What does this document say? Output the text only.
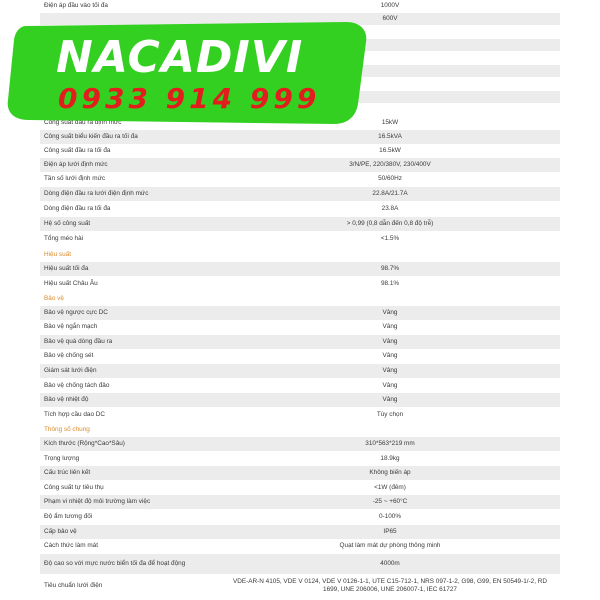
Điện áp đầu vào tối đa	1000V
600V
Công suất đầu ra định mức	15kW
Công suất biểu kiến đầu ra tối đa	16.5kVA
Công suất đầu ra tối đa	16.5kW
Điện áp lưới định mức	3/N/PE, 220/380V, 230/400V
Tần số lưới định mức	50/60Hz
Dòng điện đầu ra lưới điện định mức	22.8A/21.7A
Dòng điện đầu ra tối đa	23.8A
Hệ số công suất	> 0,99 (0,8 dẫn đến 0,8 độ trễ)
Tổng méo hài	<1.5%
Hiệu suất
Hiệu suất tối đa	98.7%
Hiệu suất Châu Âu	98.1%
Bảo vệ
Bảo vệ ngược cực DC	Vâng
Bảo vệ ngắn mạch	Vâng
Bảo vệ quá dòng đầu ra	Vâng
Bảo vệ chống sét	Vâng
Giám sát lưới điện	Vâng
Bảo vệ chống tách đảo	Vâng
Bảo vệ nhiệt độ	Vâng
Tích hợp cầu dao DC	Tùy chọn
Thông số chung
Kích thước (Rộng*Cao*Sâu)	310*563*219 mm
Trọng lượng	18.9kg
Cấu trúc liên kết	Không biến áp
Công suất tự tiêu thụ	<1W (đêm)
Phạm vi nhiệt độ môi trường làm việc	-25 ~ +60°C
Độ ẩm tương đối	0-100%
Cấp bảo vệ	IP65
Cách thức làm mát	Quạt làm mát dự phòng thông minh
Độ cao so với mực nước biển tối đa để hoạt động	4000m
Tiêu chuẩn lưới điện
VDE-AR-N 4105, VDE V 0124, VDE V 0126-1-1, UTE C15-712-1, NRS 097-1-2, G98, G99, EN 50549-1/-2, RD 1699, UNE 206006, UNE 206007-1, IEC 61727
NACADIVI
0933 914 999
